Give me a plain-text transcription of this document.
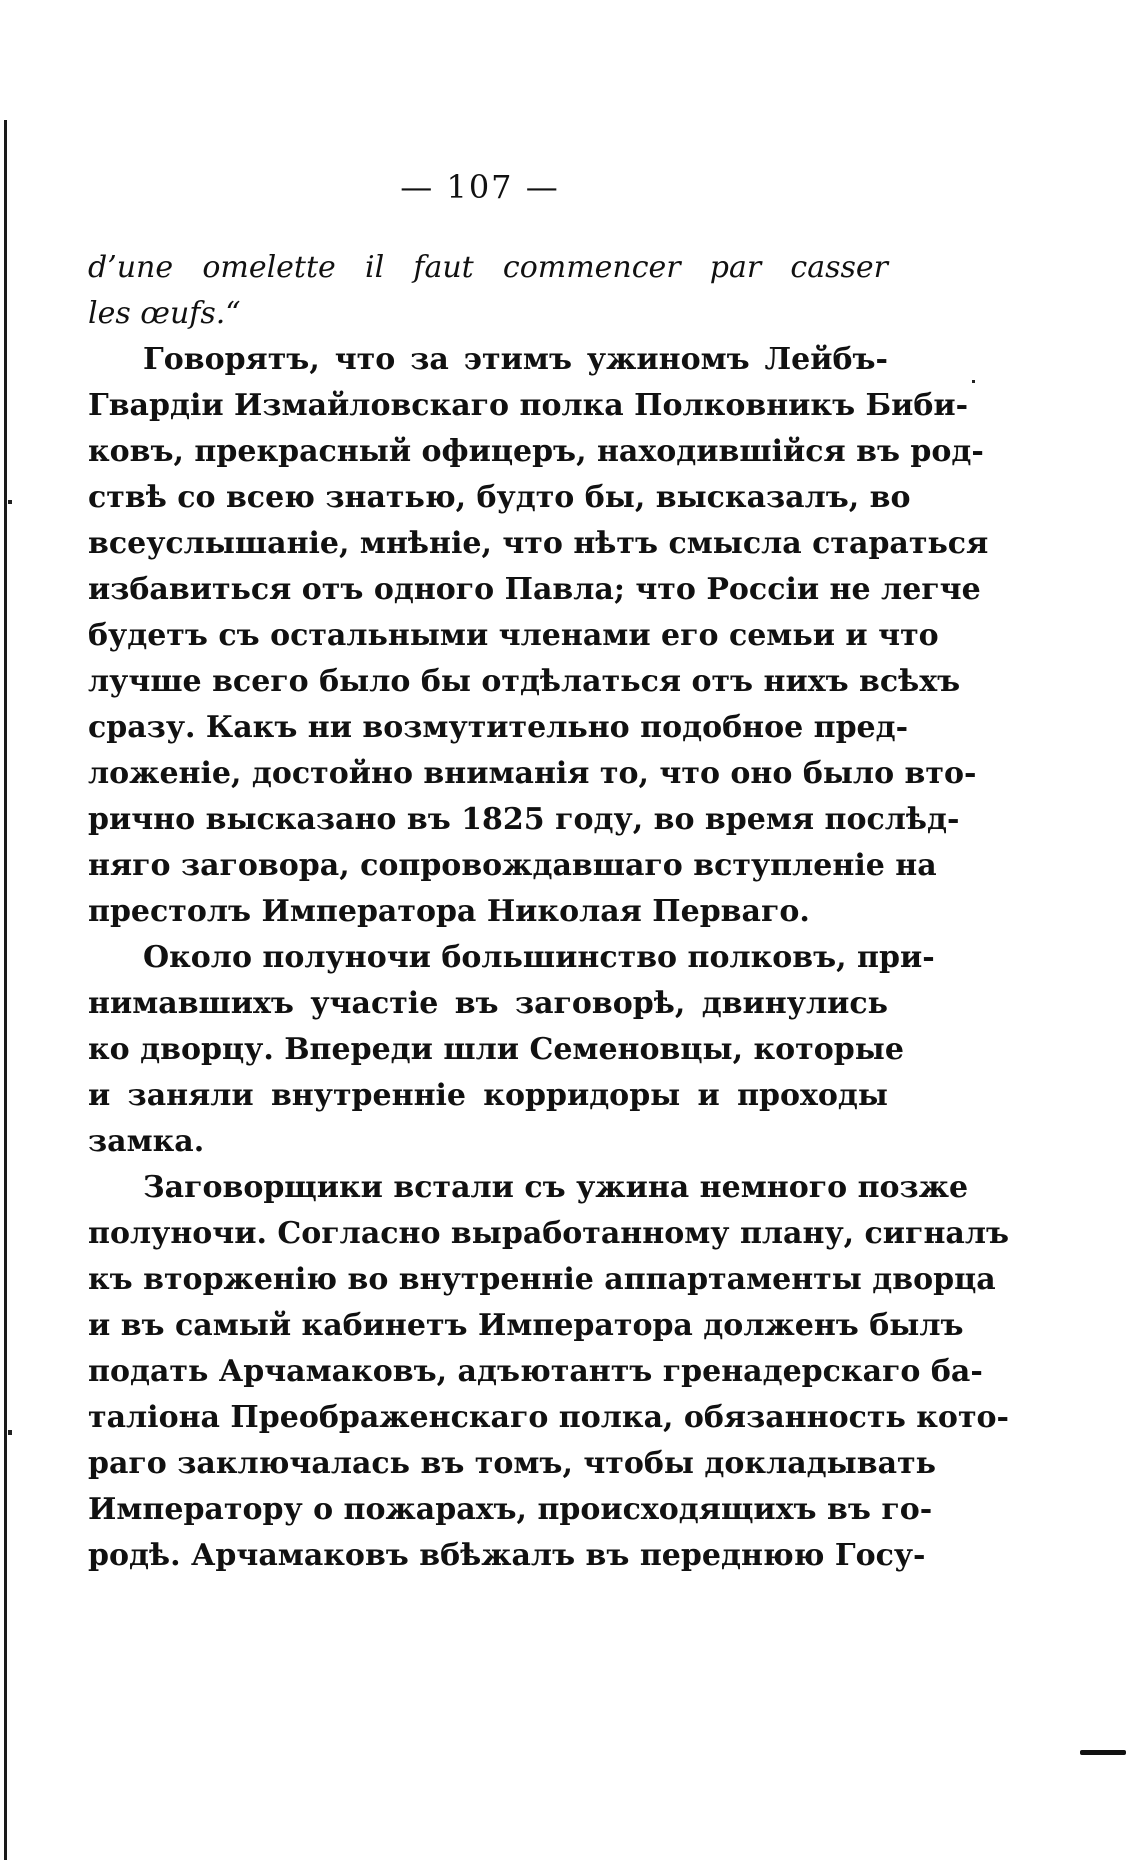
— 107 —
d’une omelette il faut commencer par casser
les œufs.“
Говорятъ, что за этимъ ужиномъ Лейбъ-
Гвардіи Измайловскаго полка Полковникъ Биби-
ковъ, прекрасный офицеръ, находившійся въ род-
ствѣ со всею знатью, будто бы, высказалъ, во
всеуслышаніе, мнѣніе, что нѣтъ смысла стараться
избавиться отъ одного Павла; что Россіи не легче
будетъ съ остальными членами его семьи и что
лучше всего было бы отдѣлаться отъ нихъ всѣхъ
сразу. Какъ ни возмутительно подобное пред-
ложеніе, достойно вниманія то, что оно было вто-
рично высказано въ 1825 году, во время послѣд-
няго заговора, сопровождавшаго вступленіе на
престолъ Императора Николая Перваго.
Около полуночи большинство полковъ, при-
нимавшихъ участіе въ заговорѣ, двинулись
ко дворцу. Впереди шли Семеновцы, которые
и заняли внутренніе корридоры и проходы
замка.
Заговорщики встали съ ужина немного позже
полуночи. Согласно выработанному плану, сигналъ
къ вторженію во внутренніе аппартаменты дворца
и въ самый кабинетъ Императора долженъ былъ
подать Арчамаковъ, адъютантъ гренадерскаго ба-
таліона Преображенскаго полка, обязанность кото-
раго заключалась въ томъ, чтобы докладывать
Императору о пожарахъ, происходящихъ въ го-
родѣ. Арчамаковъ вбѣжалъ въ переднюю Госу-
